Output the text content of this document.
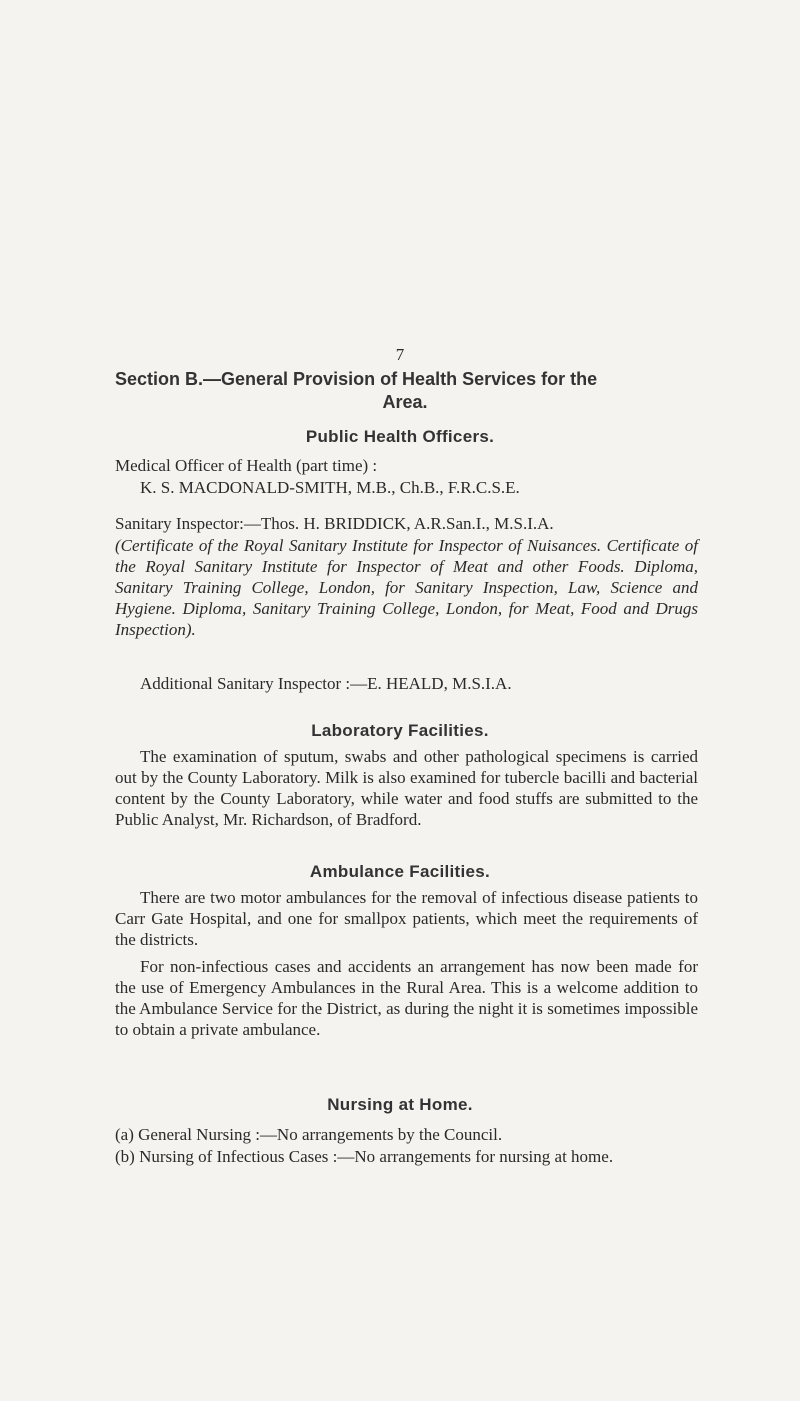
7
Section B.—General Provision of Health Services for the
Area.
Public Health Officers.
Medical Officer of Health (part time) :
K. S. MACDONALD-SMITH, M.B., Ch.B., F.R.C.S.E.
Sanitary Inspector:—Thos. H. BRIDDICK, A.R.San.I., M.S.I.A.
(Certificate of the Royal Sanitary Institute for Inspector of Nuisances. Certificate of the Royal Sanitary Institute for Inspector of Meat and other Foods. Diploma, Sanitary Training College, London, for Sanitary Inspection, Law, Science and Hygiene. Diploma, Sanitary Training College, London, for Meat, Food and Drugs Inspection).
Additional Sanitary Inspector :—E. HEALD, M.S.I.A.
Laboratory Facilities.
The examination of sputum, swabs and other pathological specimens is carried out by the County Laboratory. Milk is also examined for tubercle bacilli and bacterial content by the County Laboratory, while water and food stuffs are submitted to the Public Analyst, Mr. Richardson, of Bradford.
Ambulance Facilities.
There are two motor ambulances for the removal of infectious disease patients to Carr Gate Hospital, and one for smallpox patients, which meet the requirements of the districts.
For non-infectious cases and accidents an arrangement has now been made for the use of Emergency Ambulances in the Rural Area. This is a welcome addition to the Ambulance Service for the District, as during the night it is sometimes impossible to obtain a private ambulance.
Nursing at Home.
(a) General Nursing :—No arrangements by the Council.
(b) Nursing of Infectious Cases :—No arrangements for nursing at home.
